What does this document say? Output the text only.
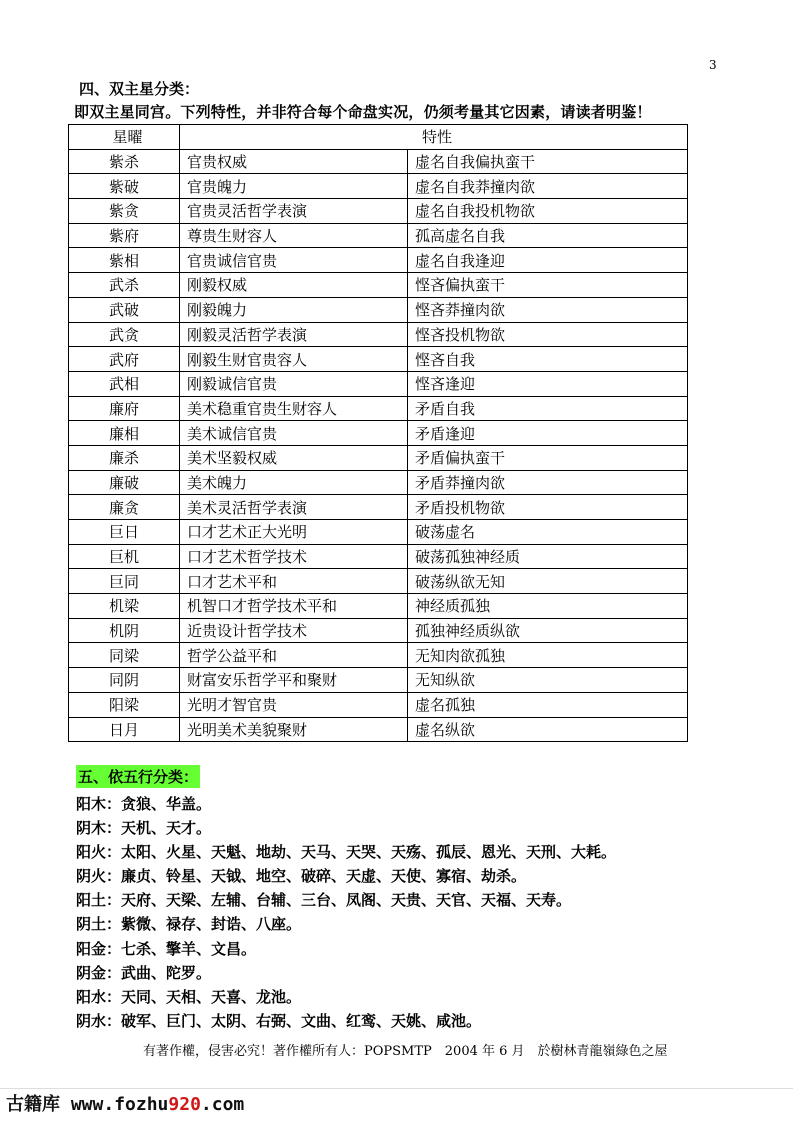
3
四、双主星分类：
即双主星同宫。下列特性，并非符合每个命盘实况，仍须考量其它因素，请读者明鉴！
星曜	特性	
紫杀	官贵权威	虚名自我偏执蛮干
紫破	官贵魄力	虚名自我莽撞肉欲
紫贪	官贵灵活哲学表演	虚名自我投机物欲
紫府	尊贵生财容人	孤高虚名自我
紫相	官贵诚信官贵	虚名自我逢迎
武杀	刚毅权威	悭吝偏执蛮干
武破	刚毅魄力	悭吝莽撞肉欲
武贪	刚毅灵活哲学表演	悭吝投机物欲
武府	刚毅生财官贵容人	悭吝自我
武相	刚毅诚信官贵	悭吝逢迎
廉府	美术稳重官贵生财容人	矛盾自我
廉相	美术诚信官贵	矛盾逢迎
廉杀	美术坚毅权威	矛盾偏执蛮干
廉破	美术魄力	矛盾莽撞肉欲
廉贪	美术灵活哲学表演	矛盾投机物欲
巨日	口才艺术正大光明	破荡虚名
巨机	口才艺术哲学技术	破荡孤独神经质
巨同	口才艺术平和	破荡纵欲无知
机梁	机智口才哲学技术平和	神经质孤独
机阴	近贵设计哲学技术	孤独神经质纵欲
同梁	哲学公益平和	无知肉欲孤独
同阴	财富安乐哲学平和聚财	无知纵欲
阳梁	光明才智官贵	虚名孤独
日月	光明美术美貌聚财	虚名纵欲
五、依五行分类：
阳木：贪狼、华盖。
阴木：天机、天才。
阳火：太阳、火星、天魁、地劫、天马、天哭、天殇、孤辰、恩光、天刑、大耗。
阴火：廉贞、铃星、天钺、地空、破碎、天虚、天使、寡宿、劫杀。
阳土：天府、天梁、左辅、台辅、三台、凤阁、天贵、天官、天福、天寿。
阴土：紫微、禄存、封诰、八座。
阳金：七杀、擎羊、文昌。
阴金：武曲、陀罗。
阳水：天同、天相、天喜、龙池。
阴水：破军、巨门、太阴、右弼、文曲、红鸾、天姚、咸池。
有著作權，侵害必究！著作權所有人：POPSMTP　2004 年 6 月　於樹林青龍嶺綠色之屋
古籍库 www.fozhu920.com
